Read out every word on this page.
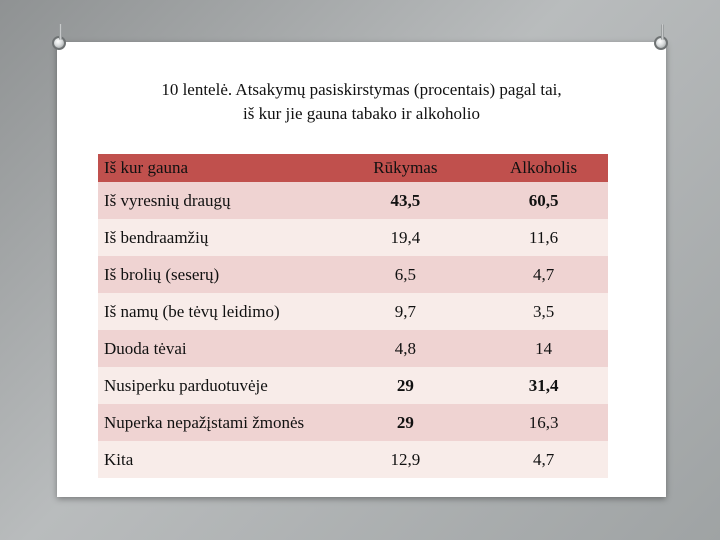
10 lentelė. Atsakymų pasiskirstymas (procentais) pagal tai,
iš kur jie gauna tabako ir alkoholio
Iš kur gauna	Rūkymas	Alkoholis
Iš vyresnių draugų	43,5	60,5
Iš bendraamžių	19,4	11,6
Iš brolių (seserų)	6,5	4,7
Iš namų (be tėvų leidimo)	9,7	3,5
Duoda tėvai	4,8	14
Nusiperku parduotuvėje	29	31,4
Nuperka nepažįstami žmonės	29	16,3
Kita	12,9	4,7
